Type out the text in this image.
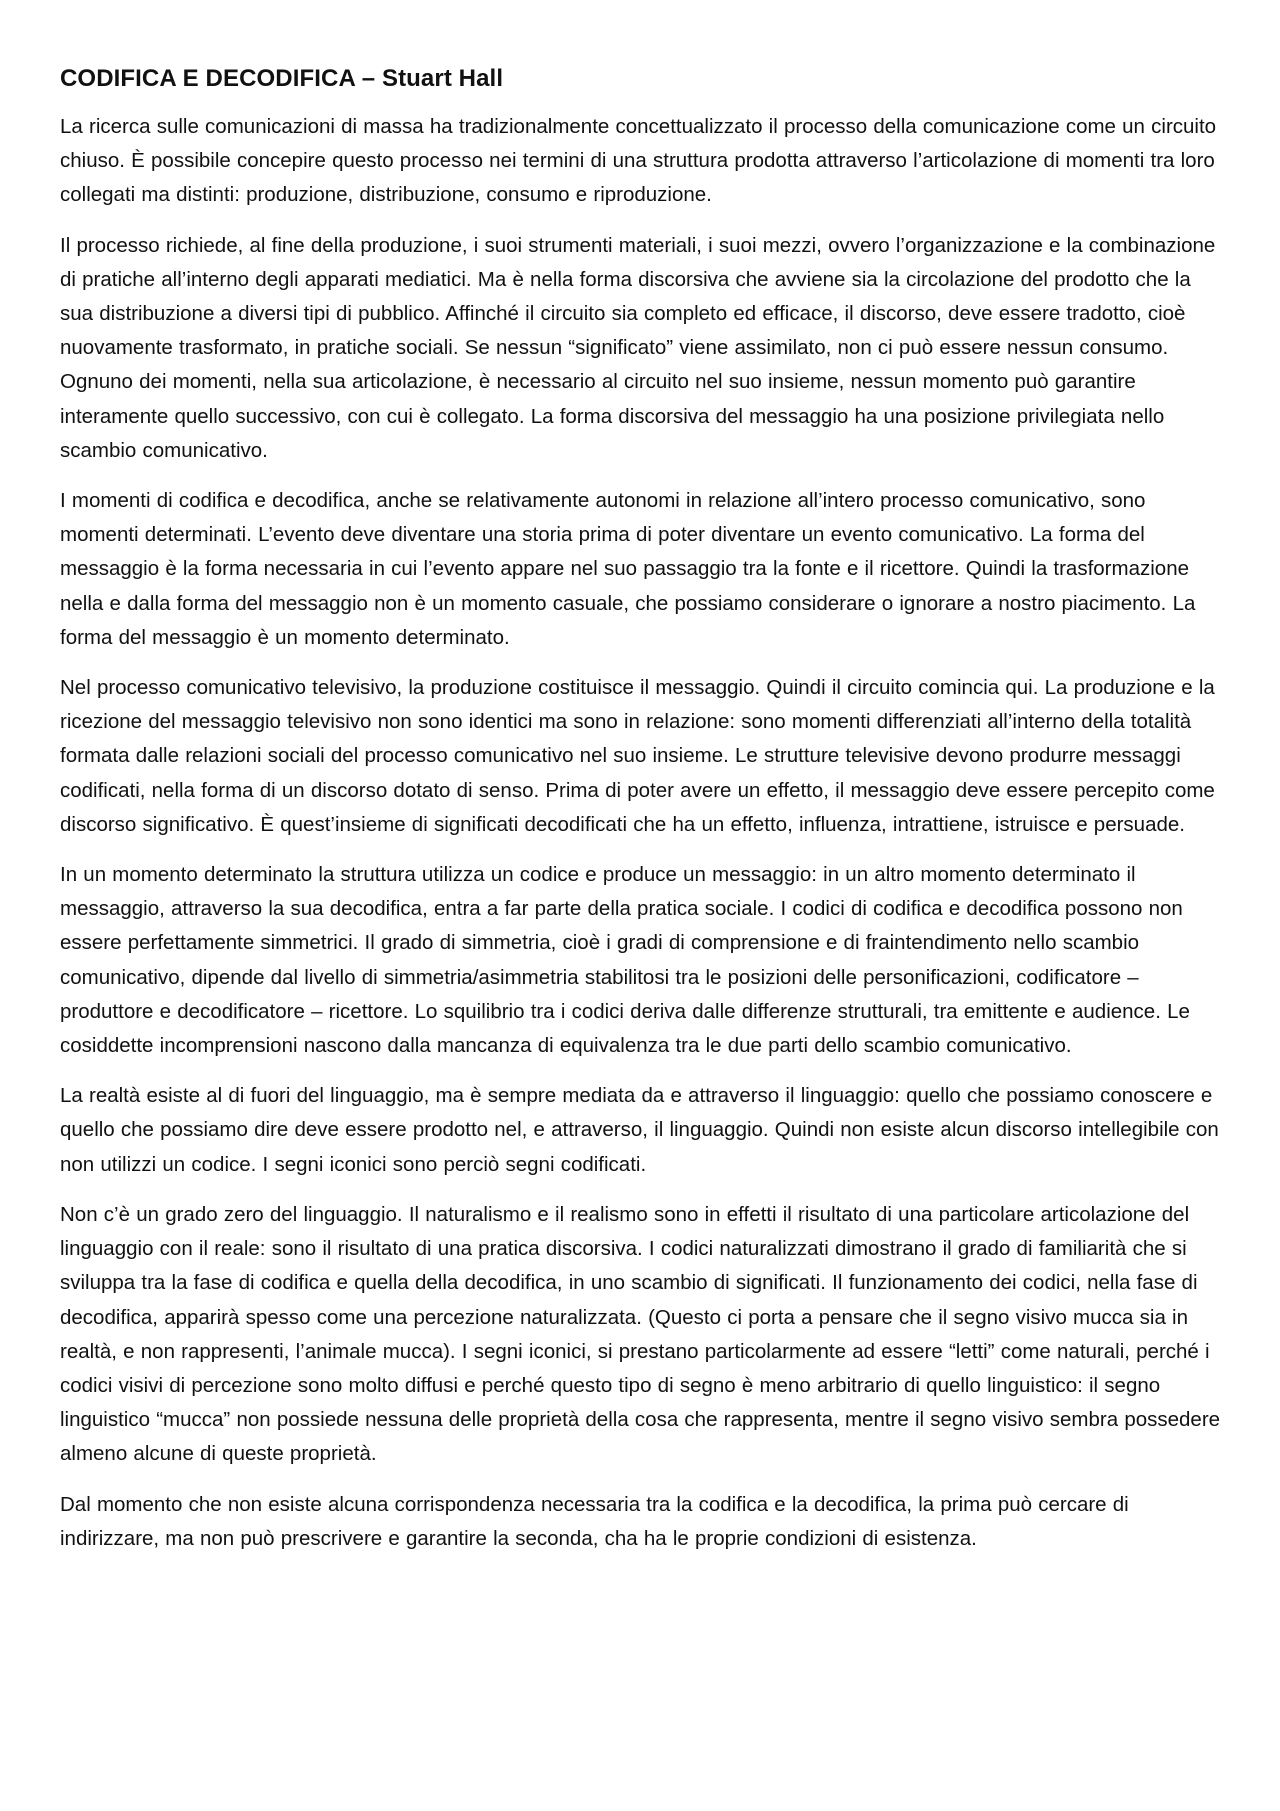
CODIFICA E DECODIFICA – Stuart Hall

La ricerca sulle comunicazioni di massa ha tradizionalmente concettualizzato il processo della comunicazione come un circuito chiuso. È possibile concepire questo processo nei termini di una struttura prodotta attraverso l’articolazione di momenti tra loro collegati ma distinti: produzione, distribuzione, consumo e riproduzione.

Il processo richiede, al fine della produzione, i suoi strumenti materiali, i suoi mezzi, ovvero l’organizzazione e la combinazione di pratiche all’interno degli apparati mediatici. Ma è nella forma discorsiva che avviene sia la circolazione del prodotto che la sua distribuzione a diversi tipi di pubblico. Affinché il circuito sia completo ed efficace, il discorso, deve essere tradotto, cioè nuovamente trasformato, in pratiche sociali. Se nessun “significato” viene assimilato, non ci può essere nessun consumo. Ognuno dei momenti, nella sua articolazione, è necessario al circuito nel suo insieme, nessun momento può garantire interamente quello successivo, con cui è collegato. La forma discorsiva del messaggio ha una posizione privilegiata nello scambio comunicativo.

I momenti di codifica e decodifica, anche se relativamente autonomi in relazione all’intero processo comunicativo, sono momenti determinati. L’evento deve diventare una storia prima di poter diventare un evento comunicativo. La forma del messaggio è la forma necessaria in cui l’evento appare nel suo passaggio tra la fonte e il ricettore. Quindi la trasformazione nella e dalla forma del messaggio non è un momento casuale, che possiamo considerare o ignorare a nostro piacimento. La forma del messaggio è un momento determinato.

Nel processo comunicativo televisivo, la produzione costituisce il messaggio. Quindi il circuito comincia qui. La produzione e la ricezione del messaggio televisivo non sono identici ma sono in relazione: sono momenti differenziati all’interno della totalità formata dalle relazioni sociali del processo comunicativo nel suo insieme. Le strutture televisive devono produrre messaggi codificati, nella forma di un discorso dotato di senso. Prima di poter avere un effetto, il messaggio deve essere percepito come discorso significativo. È quest’insieme di significati decodificati che ha un effetto, influenza, intrattiene, istruisce e persuade.

In un momento determinato la struttura utilizza un codice e produce un messaggio: in un altro momento determinato il messaggio, attraverso la sua decodifica, entra a far parte della pratica sociale. I codici di codifica e decodifica possono non essere perfettamente simmetrici. Il grado di simmetria, cioè i gradi di comprensione e di fraintendimento nello scambio comunicativo, dipende dal livello di simmetria/asimmetria stabilitosi tra le posizioni delle personificazioni, codificatore – produttore e decodificatore – ricettore. Lo squilibrio tra i codici deriva dalle differenze strutturali, tra emittente e audience. Le cosiddette incomprensioni nascono dalla mancanza di equivalenza tra le due parti dello scambio comunicativo.

La realtà esiste al di fuori del linguaggio, ma è sempre mediata da e attraverso il linguaggio: quello che possiamo conoscere e quello che possiamo dire deve essere prodotto nel, e attraverso, il linguaggio. Quindi non esiste alcun discorso intellegibile con non utilizzi un codice. I segni iconici sono perciò segni codificati.

Non c’è un grado zero del linguaggio. Il naturalismo e il realismo sono in effetti il risultato di una particolare articolazione del linguaggio con il reale: sono il risultato di una pratica discorsiva. I codici naturalizzati dimostrano il grado di familiarità che si sviluppa tra la fase di codifica e quella della decodifica, in uno scambio di significati. Il funzionamento dei codici, nella fase di decodifica, apparirà spesso come una percezione naturalizzata. (Questo ci porta a pensare che il segno visivo mucca sia in realtà, e non rappresenti, l’animale mucca). I segni iconici, si prestano particolarmente ad essere “letti” come naturali, perché i codici visivi di percezione sono molto diffusi e perché questo tipo di segno è meno arbitrario di quello linguistico: il segno linguistico “mucca” non possiede nessuna delle proprietà della cosa che rappresenta, mentre il segno visivo sembra possedere almeno alcune di queste proprietà.

Dal momento che non esiste alcuna corrispondenza necessaria tra la codifica e la decodifica, la prima può cercare di indirizzare, ma non può prescrivere e garantire la seconda, cha ha le proprie condizioni di esistenza.
